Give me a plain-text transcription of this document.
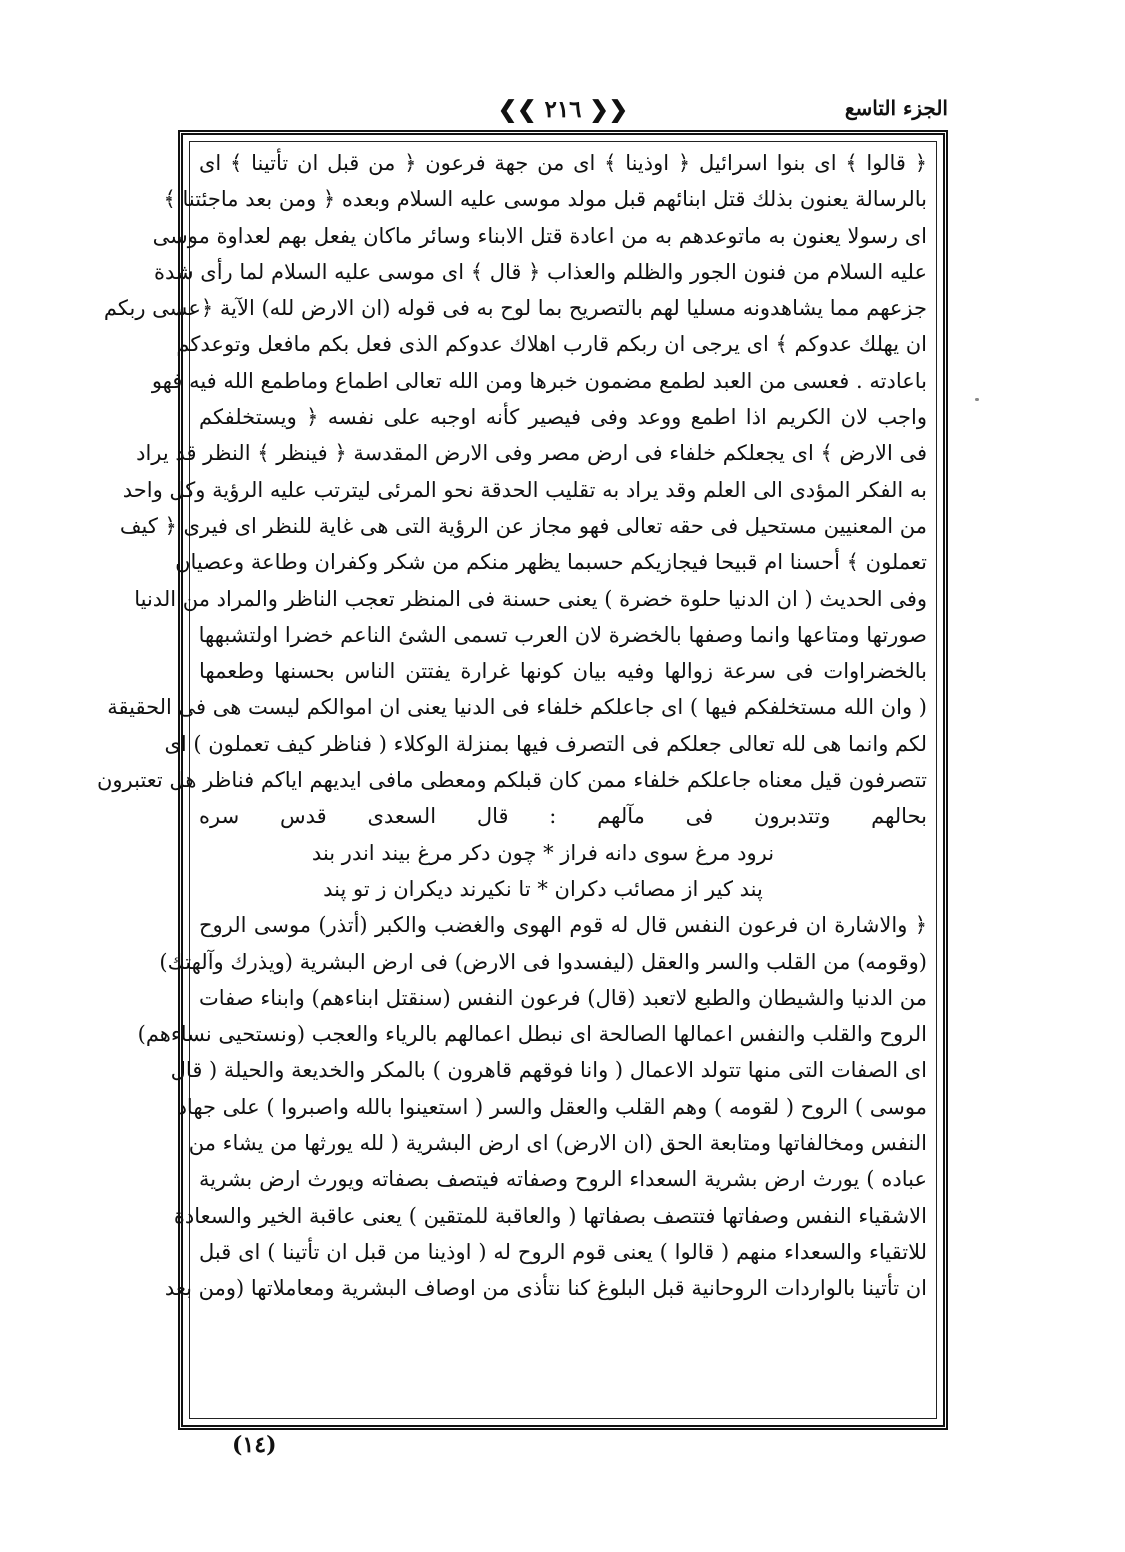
❮❮ ٢١٦ ❯❯	الجزء التاسع
﴿ قالوا ﴾ اى بنوا اسرائيل ﴿ اوذينا ﴾ اى من جهة فرعون ﴿ من قبل ان تأتينا ﴾ اى
بالرسالة يعنون بذلك قتل ابنائهم قبل مولد موسى عليه السلام وبعده ﴿ ومن بعد ماجئتنا ﴾
اى رسولا يعنون به ماتوعدهم به من اعادة قتل الابناء وسائر ماكان يفعل بهم لعداوة موسى
عليه السلام من فنون الجور والظلم والعذاب ﴿ قال ﴾ اى موسى عليه السلام لما رأى شدة
جزعهم مما يشاهدونه مسليا لهم بالتصريح بما لوح به فى قوله (ان الارض لله) الآية ﴿عسى ربكم
ان يهلك عدوكم ﴾ اى يرجى ان ربكم قارب اهلاك عدوكم الذى فعل بكم مافعل وتوعدكم
باعادته . فعسى من العبد لطمع مضمون خبرها ومن الله تعالى اطماع وماطمع الله فيه فهو
واجب لان الكريم اذا اطمع ووعد وفى فيصير كأنه اوجبه على نفسه ﴿ ويستخلفكم
فى الارض ﴾ اى يجعلكم خلفاء فى ارض مصر وفى الارض المقدسة ﴿ فينظر ﴾ النظر قد يراد
به الفكر المؤدى الى العلم وقد يراد به تقليب الحدقة نحو المرئى ليترتب عليه الرؤية وكل واحد
من المعنيين مستحيل فى حقه تعالى فهو مجاز عن الرؤية التى هى غاية للنظر اى فيرى ﴿ كيف
تعملون ﴾ أحسنا ام قبيحا فيجازيكم حسبما يظهر منكم من شكر وكفران وطاعة وعصيان
وفى الحديث ( ان الدنيا حلوة خضرة ) يعنى حسنة فى المنظر تعجب الناظر والمراد من الدنيا
صورتها ومتاعها وانما وصفها بالخضرة لان العرب تسمى الشئ الناعم خضرا اولتشبهها
بالخضراوات فى سرعة زوالها وفيه بيان كونها غرارة يفتتن الناس بحسنها وطعمها
( وان الله مستخلفكم فيها ) اى جاعلكم خلفاء فى الدنيا يعنى ان اموالكم ليست هى فى الحقيقة
لكم وانما هى لله تعالى جعلكم فى التصرف فيها بمنزلة الوكلاء ( فناظر كيف تعملون ) اى
تتصرفون قيل معناه جاعلكم خلفاء ممن كان قبلكم ومعطى مافى ايديهم اياكم فناظر هل تعتبرون
بحالهم وتتدبرون فى مآلهم : قال السعدى قدس سره
نرود مرغ سوى دانه فراز * چون دكر مرغ بيند اندر بند
پند كير از مصائب دكران * تا نكيرند ديكران ز تو پند
﴿ والاشارة ان فرعون النفس قال له قوم الهوى والغضب والكبر (أتذر) موسى الروح
(وقومه) من القلب والسر والعقل (ليفسدوا فى الارض) فى ارض البشرية (ويذرك وآلهتك)
من الدنيا والشيطان والطبع لاتعبد (قال) فرعون النفس (سنقتل ابناءهم) وابناء صفات
الروح والقلب والنفس اعمالها الصالحة اى نبطل اعمالهم بالرياء والعجب (ونستحيى نساءهم)
اى الصفات التى منها تتولد الاعمال ( وانا فوقهم قاهرون ) بالمكر والخديعة والحيلة ( قال
موسى ) الروح ( لقومه ) وهم القلب والعقل والسر ( استعينوا بالله واصبروا ) على جهاد
النفس ومخالفاتها ومتابعة الحق (ان الارض) اى ارض البشرية ( لله يورثها من يشاء من
عباده ) يورث ارض بشرية السعداء الروح وصفاته فيتصف بصفاته ويورث ارض بشرية
الاشقياء النفس وصفاتها فتتصف بصفاتها ( والعاقبة للمتقين ) يعنى عاقبة الخير والسعادة
للاتقياء والسعداء منهم ( قالوا ) يعنى قوم الروح له ( اوذينا من قبل ان تأتينا ) اى قبل
ان تأتينا بالواردات الروحانية قبل البلوغ كنا نتأذى من اوصاف البشرية ومعاملاتها (ومن بعد
(١٤)
